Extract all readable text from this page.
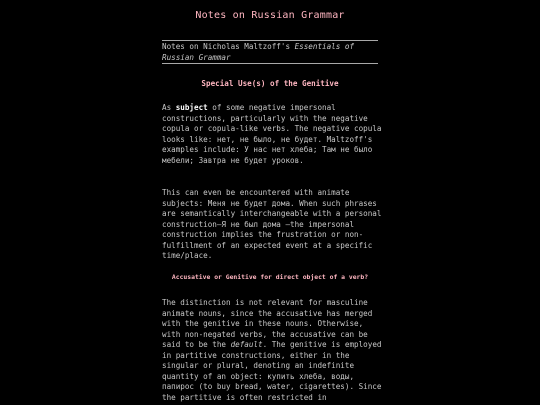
Notes on Russian Grammar
Notes on Nicholas Maltzoff's Essentials of Russian Grammar
Special Use(s) of the Genitive
As subject of some negative impersonal constructions, particularly with the negative copula or copula-like verbs. The negative copula looks like: нет, не было, не будет. Maltzoff's examples include: У нас нет хлеба; Там не было мебели; Завтра не будет уроков.
This can even be encountered with animate subjects: Меня не будет дома. When such phrases are semantically interchangeable with a personal construction—Я не был дома —the impersonal construction implies the frustration or non-fulfillment of an expected event at a specific time/place.
Accusative or Genitive for direct object of a verb?
The distinction is not relevant for masculine animate nouns, since the accusative has merged with the genitive in these nouns. Otherwise, with non-negated verbs, the accusative can be said to be the default. The genitive is employed in partitive constructions, either in the singular or plural, denoting an indefinite quantity of an object: купить хлеба, воды, папирос (to buy bread, water, cigarettes). Since the partitive is often restricted in
